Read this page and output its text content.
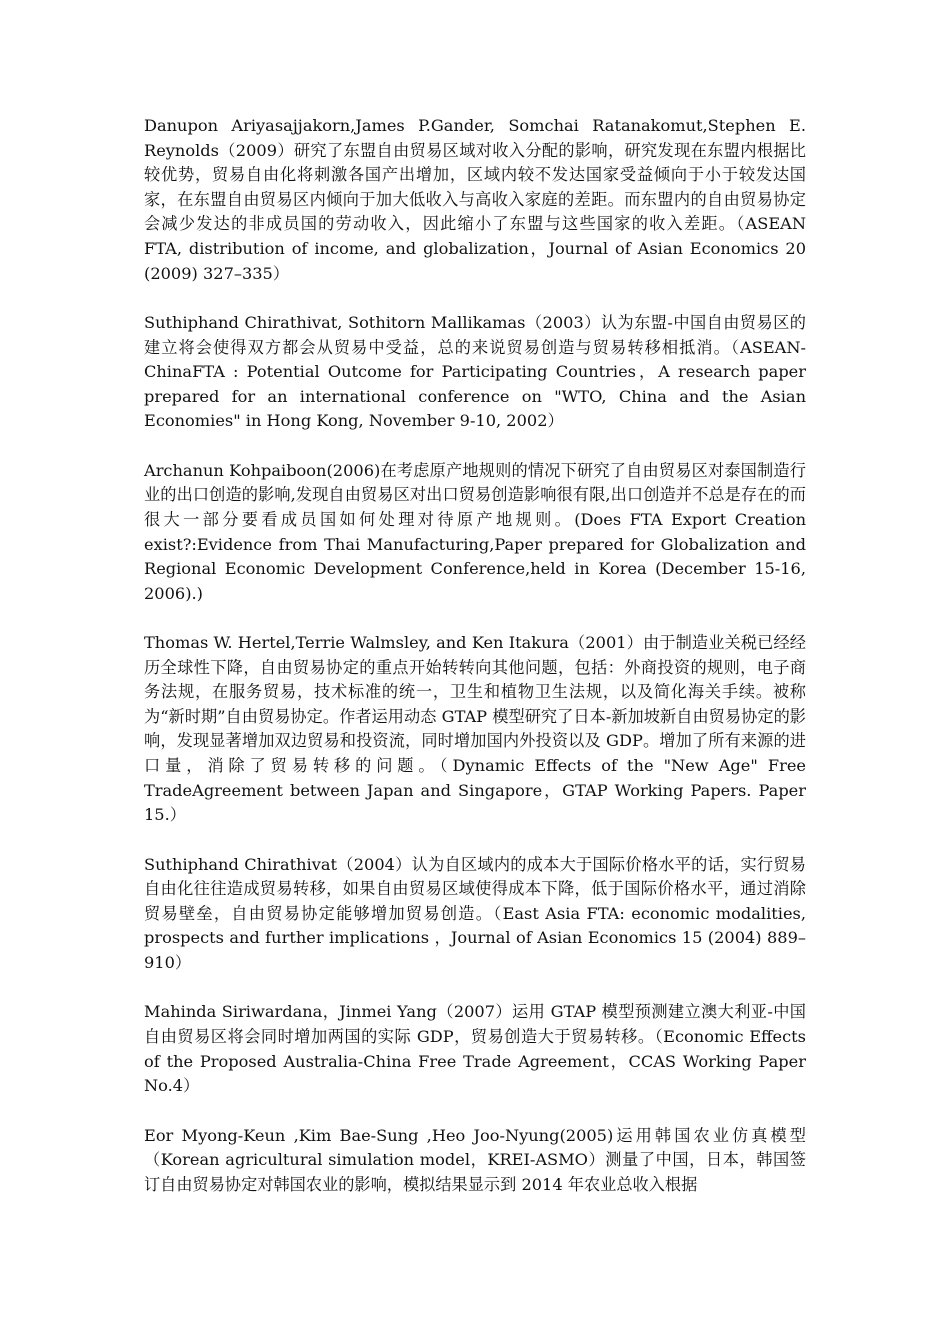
Danupon Ariyasajjakorn,James P.Gander, Somchai Ratanakomut,Stephen E. Reynolds（2009）研究了东盟自由贸易区域对收入分配的影响，研究发现在东盟内根据比较优势，贸易自由化将刺激各国产出增加，区域内较不发达国家受益倾向于小于较发达国家，在东盟自由贸易区内倾向于加大低收入与高收入家庭的差距。而东盟内的自由贸易协定会减少发达的非成员国的劳动收入，因此缩小了东盟与这些国家的收入差距。（ASEAN FTA, distribution of income, and globalization，Journal of Asian Economics 20 (2009) 327–335）

Suthiphand Chirathivat, Sothitorn Mallikamas（2003）认为东盟-中国自由贸易区的建立将会使得双方都会从贸易中受益，总的来说贸易创造与贸易转移相抵消。（ASEAN-ChinaFTA : Potential Outcome for Participating Countries，A research paper prepared for an international conference on "WTO, China and the Asian Economies" in Hong Kong, November 9-10, 2002）

Archanun Kohpaiboon(2006)在考虑原产地规则的情况下研究了自由贸易区对泰国制造行业的出口创造的影响,发现自由贸易区对出口贸易创造影响很有限,出口创造并不总是存在的而很大一部分要看成员国如何处理对待原产地规则。(Does FTA Export Creation exist?:Evidence from Thai Manufacturing,Paper prepared for Globalization and Regional Economic Development Conference,held in Korea (December 15-16, 2006).)

Thomas W. Hertel,Terrie Walmsley, and Ken Itakura（2001）由于制造业关税已经经历全球性下降，自由贸易协定的重点开始转转向其他问题，包括：外商投资的规则，电子商务法规，在服务贸易，技术标准的统一，卫生和植物卫生法规，以及简化海关手续。被称为“新时期”自由贸易协定。作者运用动态 GTAP 模型研究了日本-新加坡新自由贸易协定的影响，发现显著增加双边贸易和投资流，同时增加国内外投资以及 GDP。增加了所有来源的进口量，消除了贸易转移的问题。（Dynamic Effects of the "New Age" Free TradeAgreement between Japan and Singapore，GTAP Working Papers. Paper 15.）

Suthiphand Chirathivat（2004）认为自区域内的成本大于国际价格水平的话，实行贸易自由化往往造成贸易转移，如果自由贸易区域使得成本下降，低于国际价格水平，通过消除贸易壁垒，自由贸易协定能够增加贸易创造。（East Asia FTA: economic modalities, prospects and further implications ，Journal of Asian Economics 15 (2004) 889–910）

Mahinda Siriwardana，Jinmei Yang（2007）运用 GTAP 模型预测建立澳大利亚-中国自由贸易区将会同时增加两国的实际 GDP，贸易创造大于贸易转移。（Economic Effects of the Proposed Australia-China Free Trade Agreement，CCAS Working Paper No.4）

Eor Myong-Keun ,Kim Bae-Sung ,Heo Joo-Nyung(2005)运用韩国农业仿真模型（Korean agricultural simulation model，KREI-ASMO）测量了中国，日本，韩国签订自由贸易协定对韩国农业的影响，模拟结果显示到 2014 年农业总收入根据
